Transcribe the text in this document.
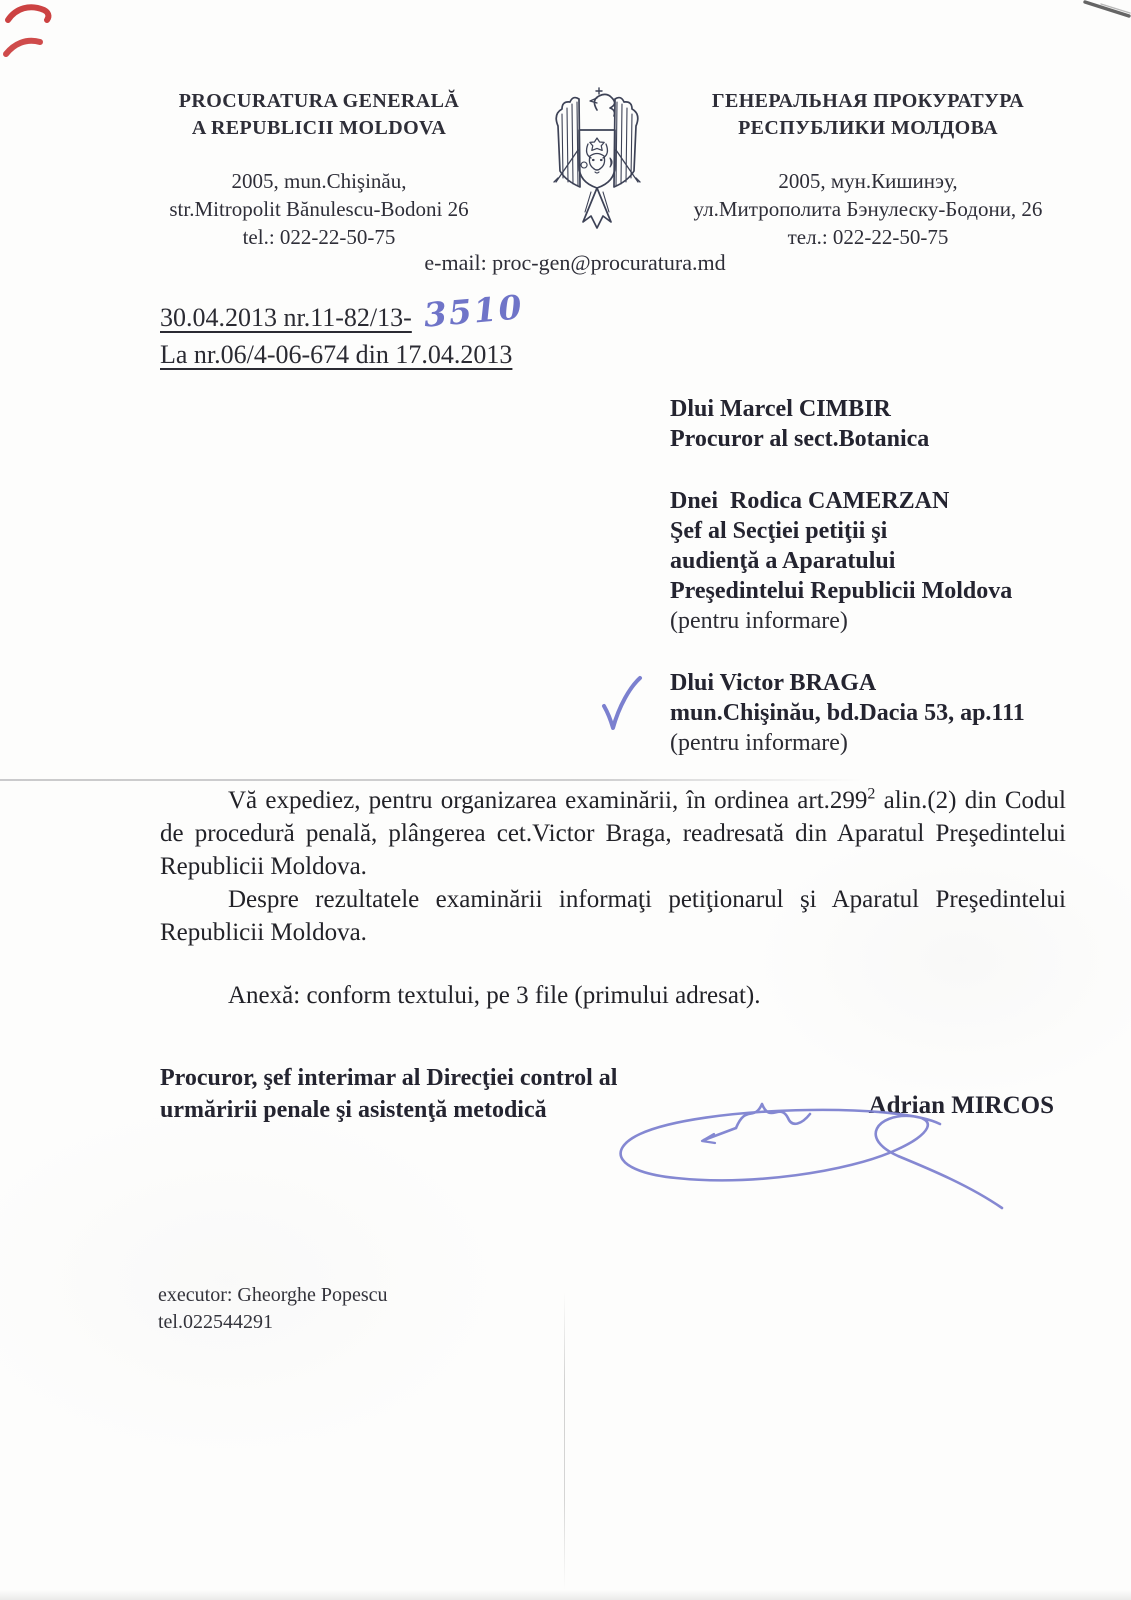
PROCURATURA GENERALĂ
A REPUBLICII MOLDOVA
2005, mun.Chişinău,
str.Mitropolit Bănulescu-Bodoni 26
tel.: 022-22-50-75
ГЕНЕРАЛЬНАЯ ПРОКУРАТУРА
РЕСПУБЛИКИ МОЛДОВА
2005, мун.Кишинэу,
ул.Митрополита Бэнулеску-Бодони, 26
тел.: 022-22-50-75
e-mail: proc-gen@procuratura.md
30.04.2013 nr.11-82/13- 3510
La nr.06/4-06-674 din 17.04.2013
Dlui Marcel CIMBIR
Procuror al sect.Botanica
Dnei  Rodica CAMERZAN
Şef al Secţiei petiţii şi
audienţă a Aparatului
Preşedintelui Republicii Moldova
(pentru informare)
Dlui Victor BRAGA
mun.Chişinău, bd.Dacia 53, ap.111
(pentru informare)

Vă expediez, pentru organizarea examinării, în ordinea art.299$^2$ alin.(2) din Codul de procedură penală, plângerea cet.Victor Braga, readresată din Aparatul Preşedintelui Republicii Moldova.

Despre rezultatele examinării informaţi petiţionarul şi Aparatul Preşedintelui Republicii Moldova.

Anexă: conform textului, pe 3 file (primului adresat).

Procuror, şef interimar al Direcţiei control al
urmăririi penale şi asistenţă metodică	Adrian MIRCOS
executor: Gheorghe Popescu
tel.022544291
